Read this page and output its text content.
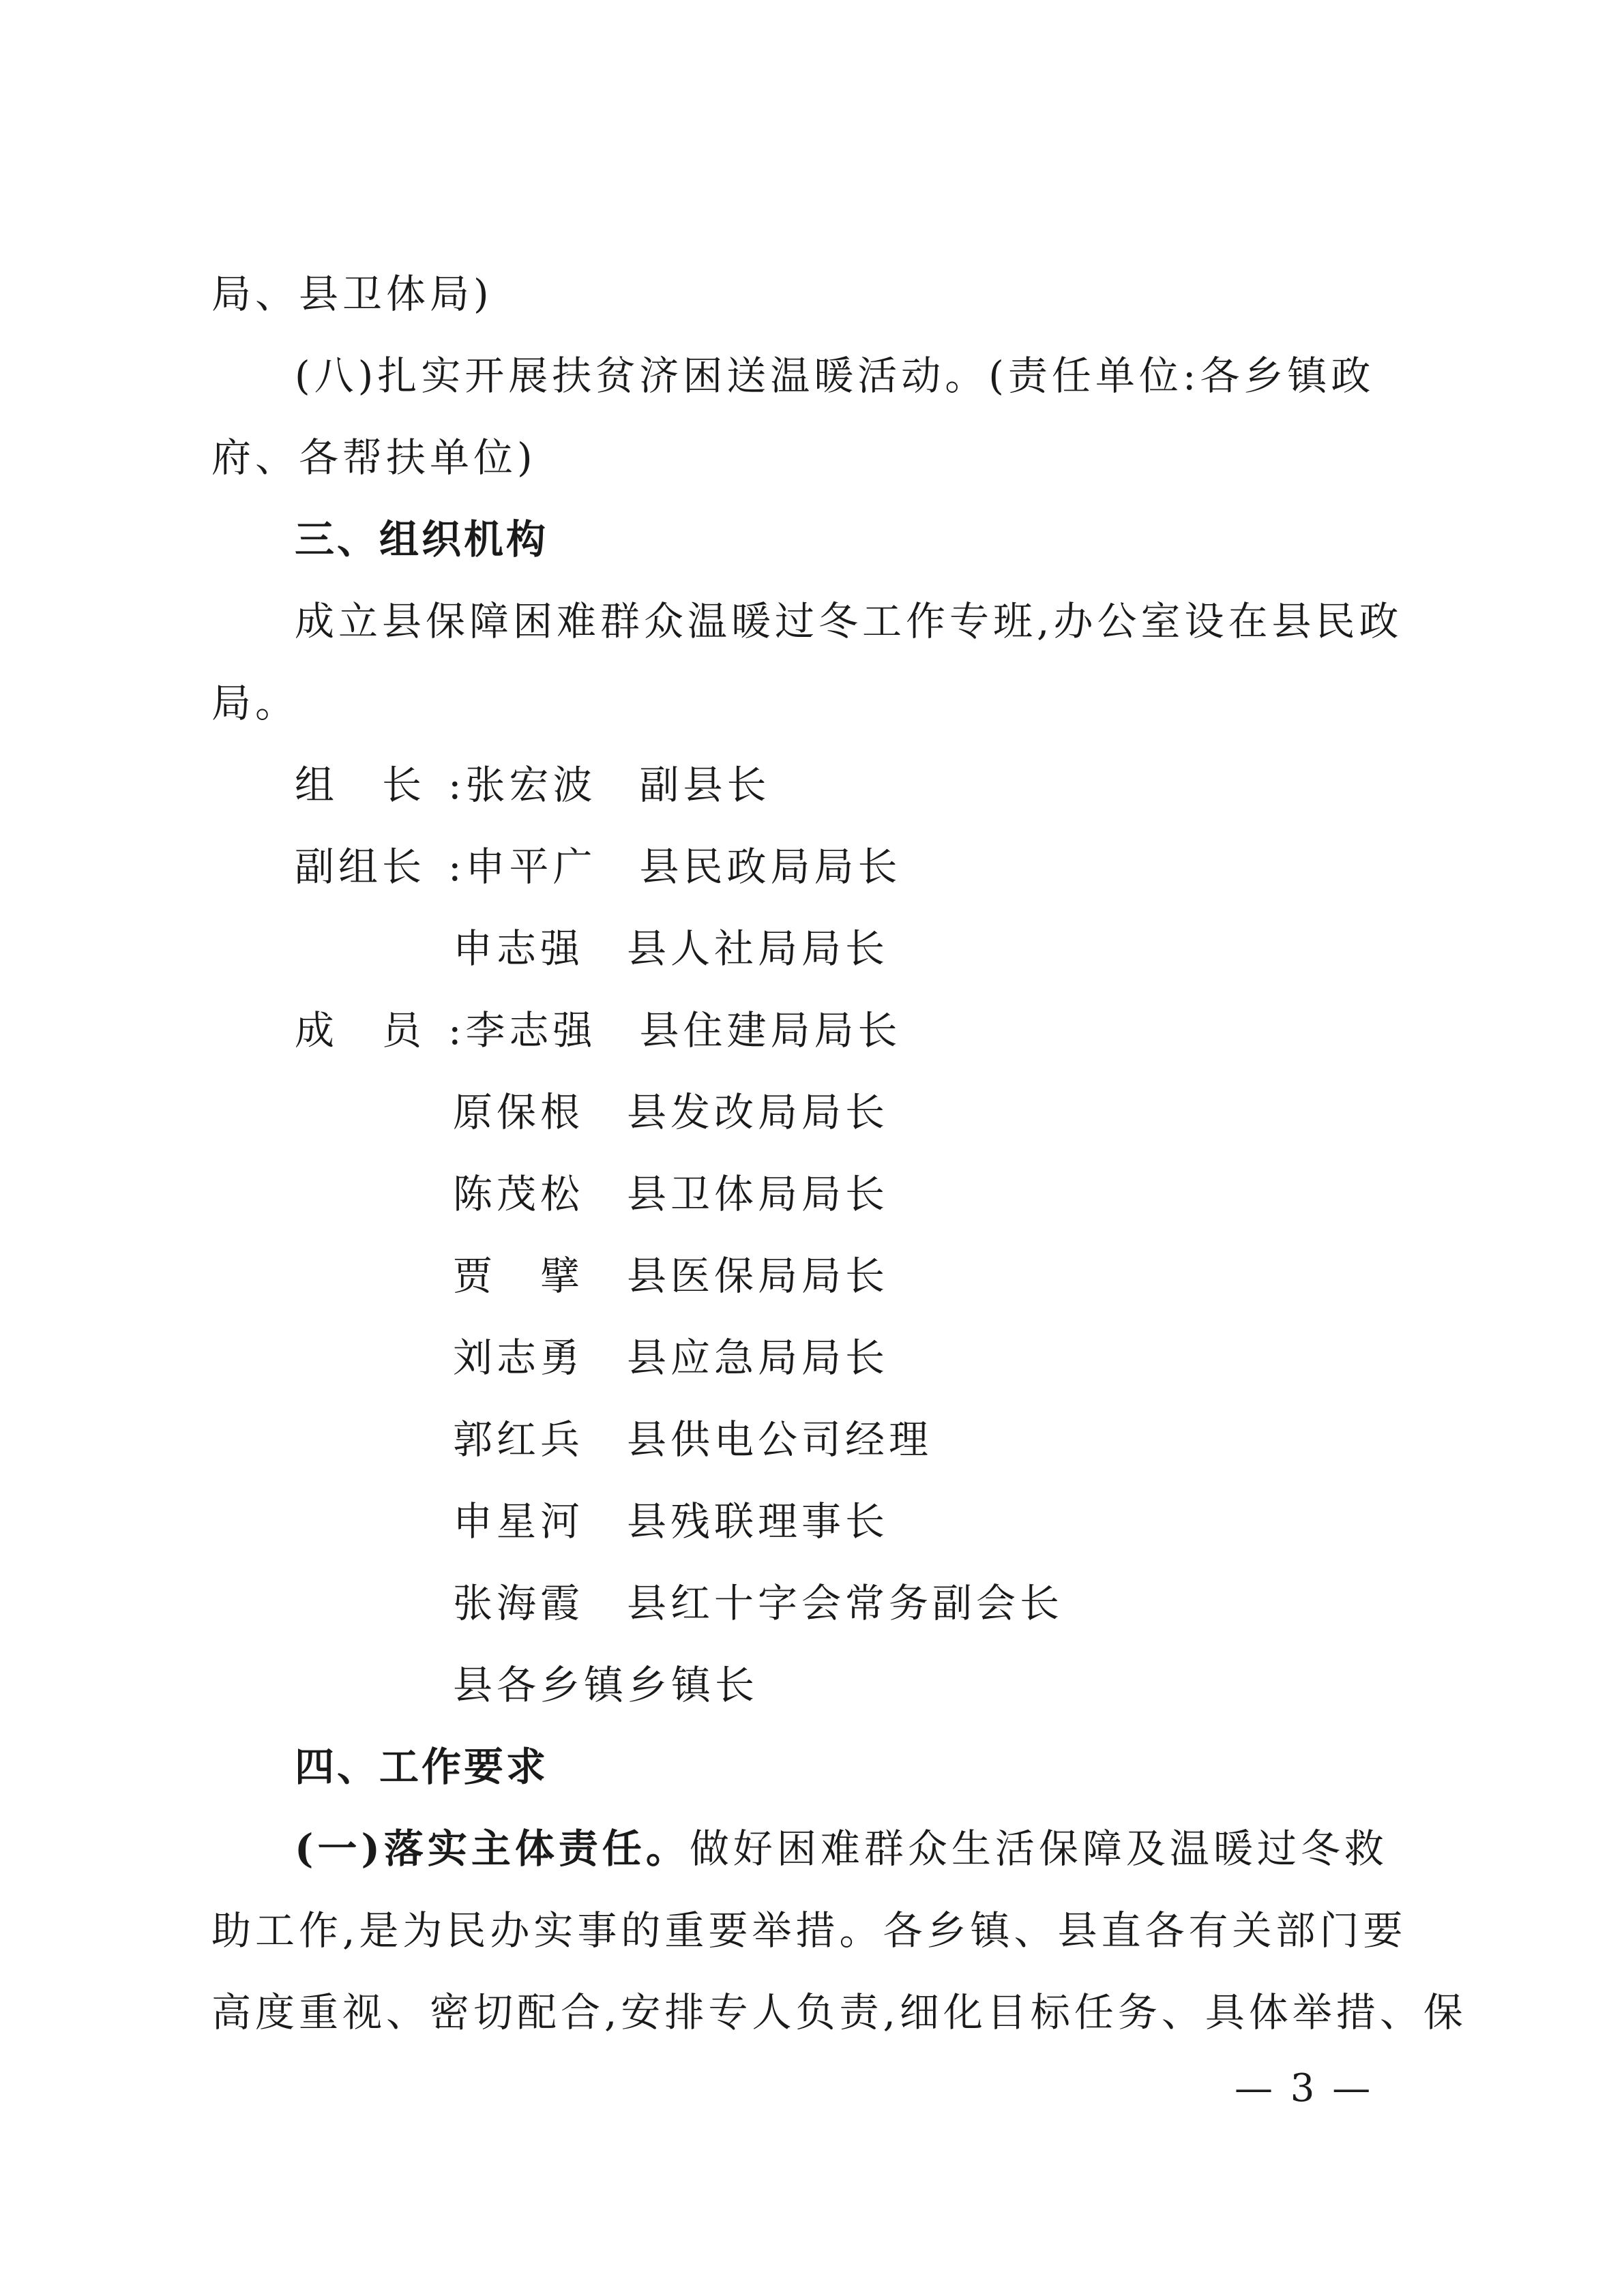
局、县卫体局)
(八)扎实开展扶贫济困送温暖活动。(责任单位:各乡镇政
府、各帮扶单位)
三、组织机构
成立县保障困难群众温暖过冬工作专班,办公室设在县民政
局。
组　长 :张宏波 副县长
副组长 :申平广 县民政局局长
申志强 县人社局局长
成　员 :李志强 县住建局局长
原保根 县发改局局长
陈茂松 县卫体局局长
贾　擘 县医保局局长
刘志勇 县应急局局长
郭红兵 县供电公司经理
申星河 县残联理事长
张海霞 县红十字会常务副会长
县各乡镇乡镇长
四、工作要求
(一)落实主体责任。做好困难群众生活保障及温暖过冬救
助工作,是为民办实事的重要举措。各乡镇、县直各有关部门要
高度重视、密切配合,安排专人负责,细化目标任务、具体举措、保
— 3 —
